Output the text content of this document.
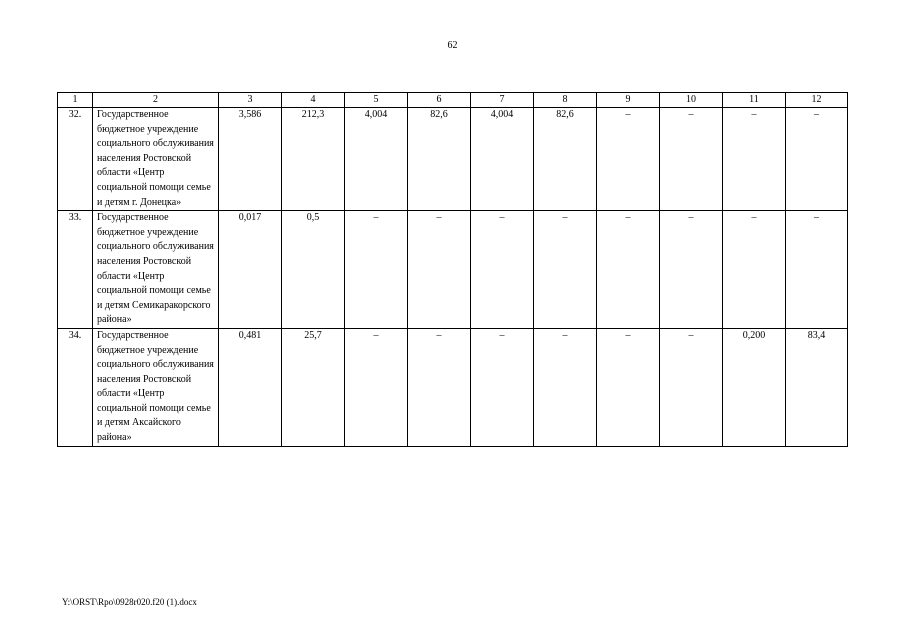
62
1	2	3	4	5	6	7	8	9	10	11	12
32.	Государственное бюджетное учреждение социального обслуживания населения Ростовской области «Центр социальной помощи семье и детям г. Донецка»	3,586	212,3	4,004	82,6	4,004	82,6	–	–	–	–
33.	Государственное бюджетное учреждение социального обслуживания населения Ростовской области «Центр социальной помощи семье и детям Семикаракорского района»	0,017	0,5	–	–	–	–	–	–	–	–
34.	Государственное бюджетное учреждение социального обслуживания населения Ростовской области «Центр социальной помощи семье и детям Аксайского района»	0,481	25,7	–	–	–	–	–	–	0,200	83,4
Y:\ORST\Rpo\0928r020.f20 (1).docx
